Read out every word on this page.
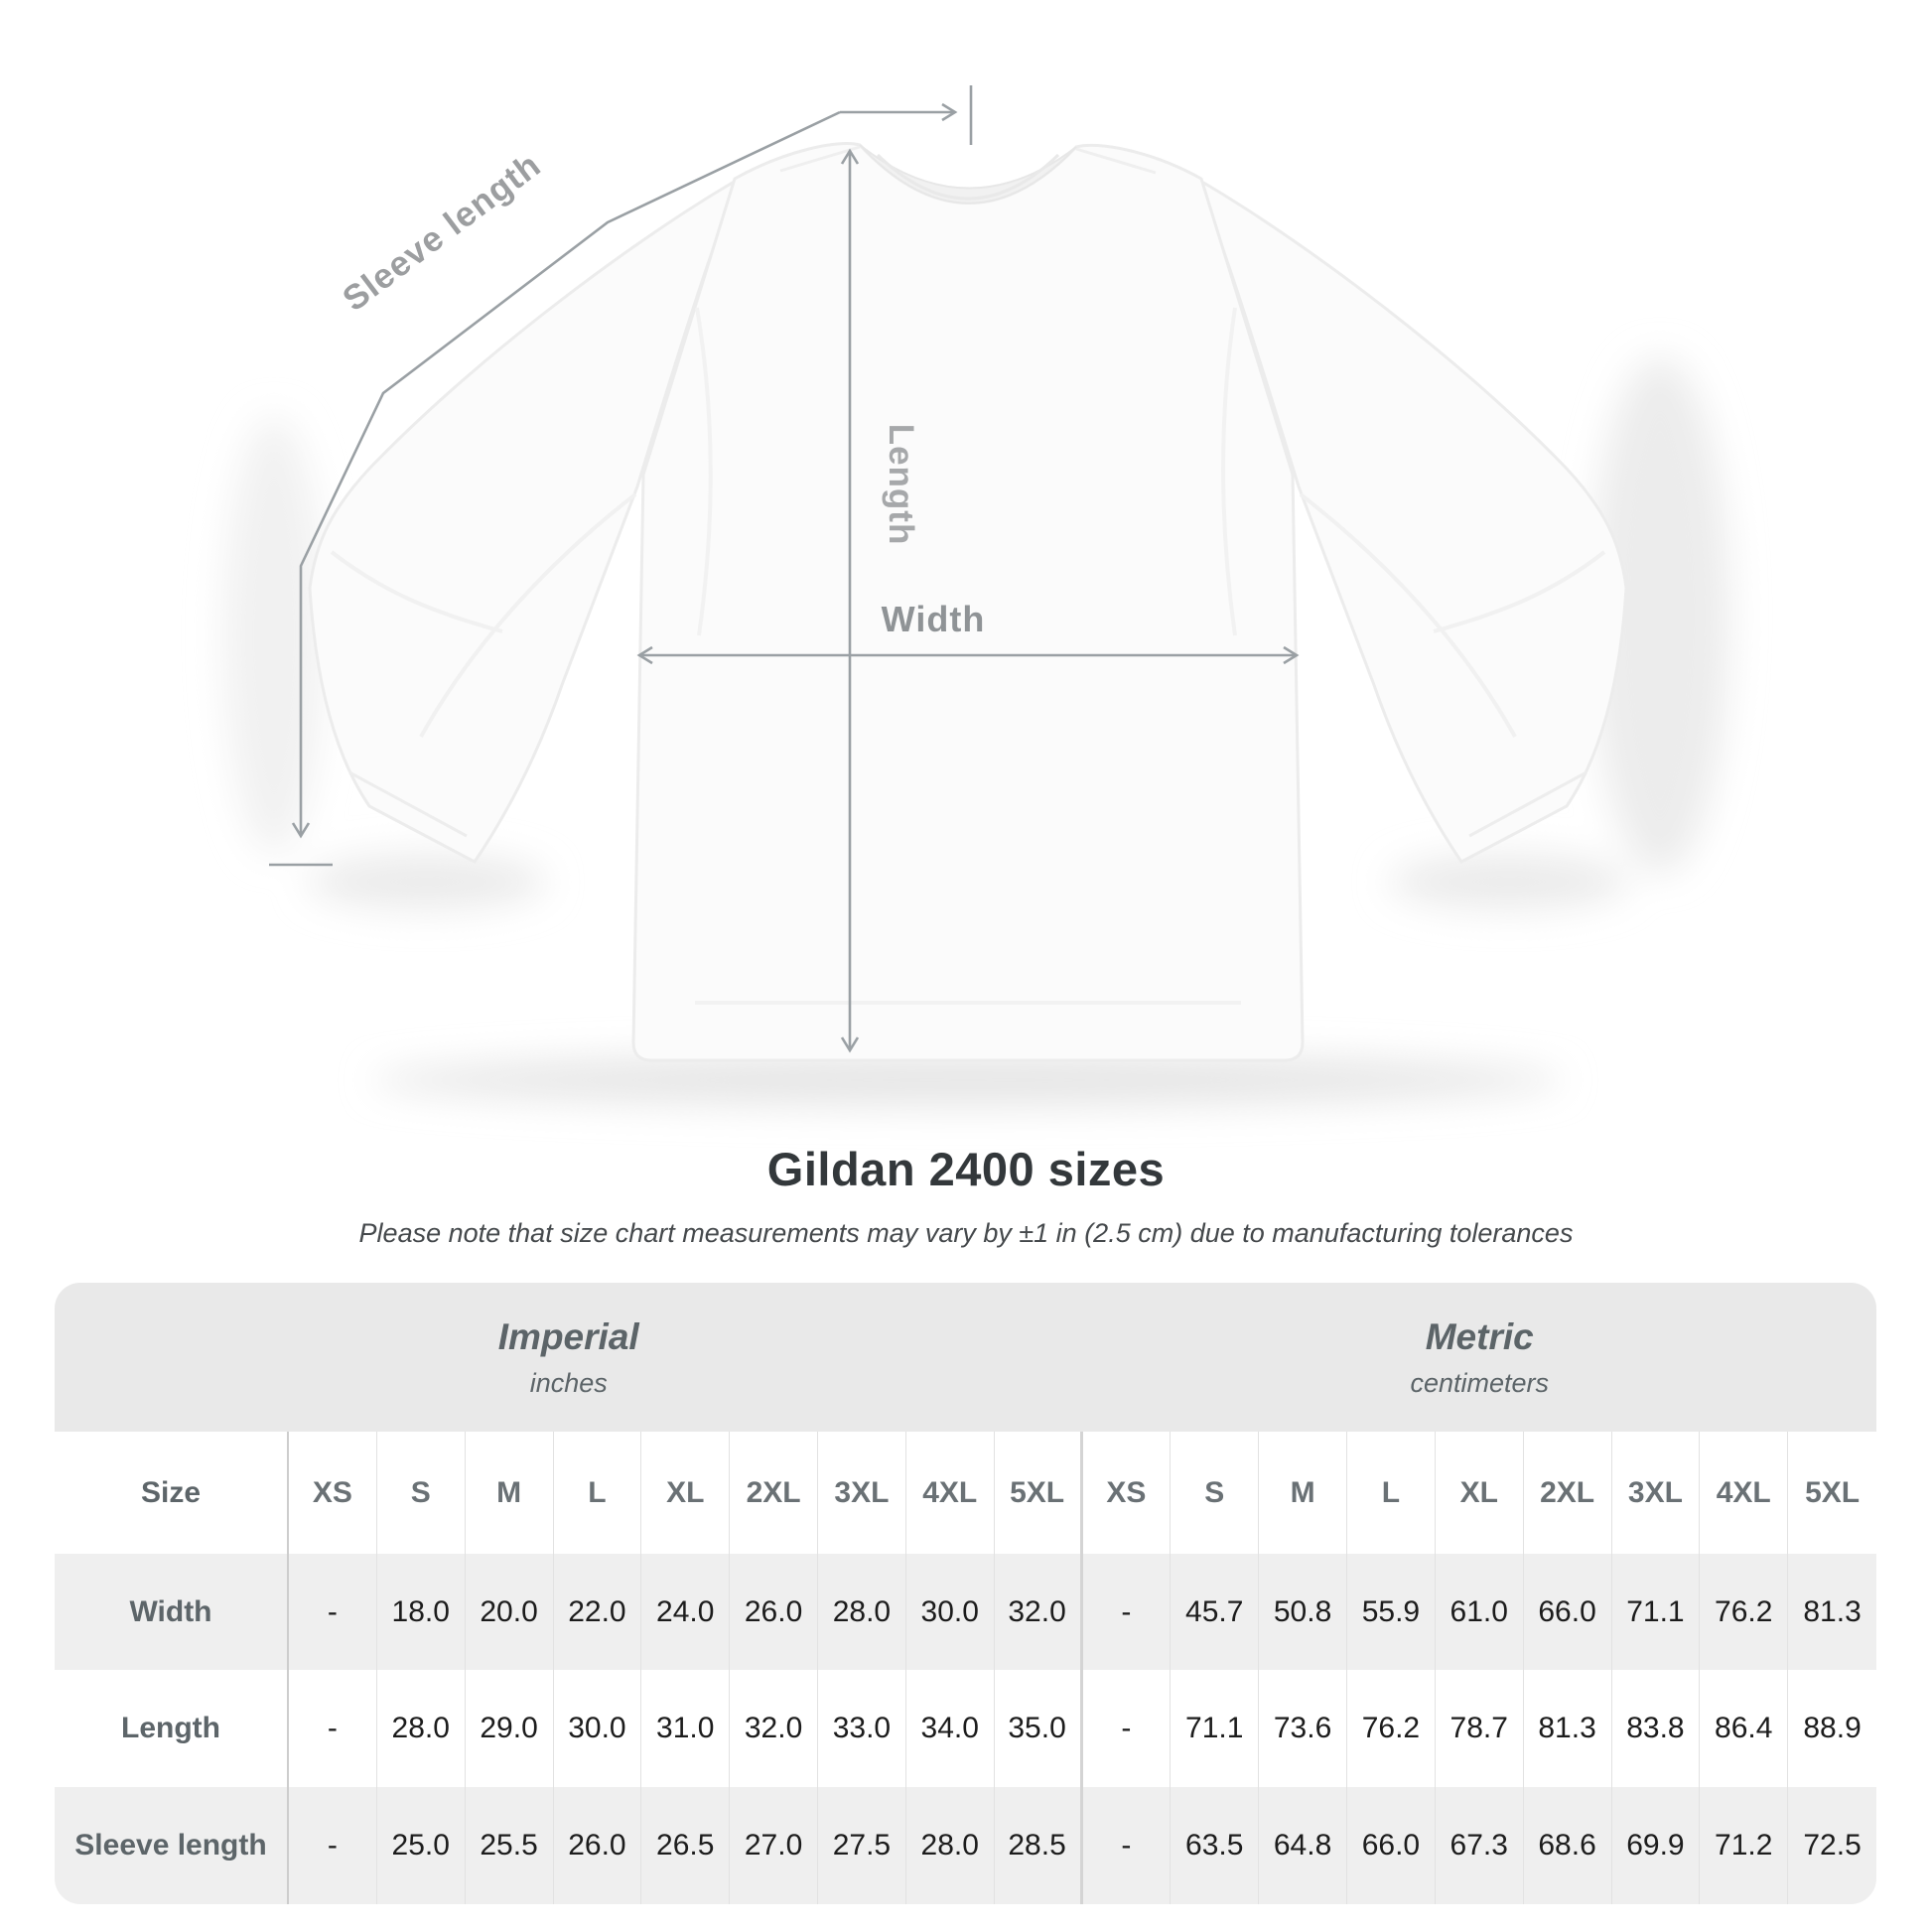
Sleeve length
Length
Width
Gildan 2400 sizes
Please note that size chart measurements may vary by ±1 in (2.5 cm) due to manufacturing tolerances
Imperial
inches
Metric
centimeters
Size	XS	S	M	L	XL	2XL	3XL	4XL	5XL	XS	S	M	L	XL	2XL	3XL	4XL	5XL
Width	-	18.0	20.0	22.0	24.0	26.0	28.0	30.0 32.0	-	45.7	50.8	55.9	61.0	66.0	71.1	76.2	81.3
Length	-	28.0	29.0	30.0	31.0	32.0	33.0	34.0 35.0	-	71.1	73.6	76.2	78.7	81.3	83.8	86.4	88.9
Sleeve length	-	25.0	25.5	26.0	26.5	27.0	27.5	28.0 28.5	-	63.5	64.8	66.0	67.3	68.6	69.9	71.2	72.5
